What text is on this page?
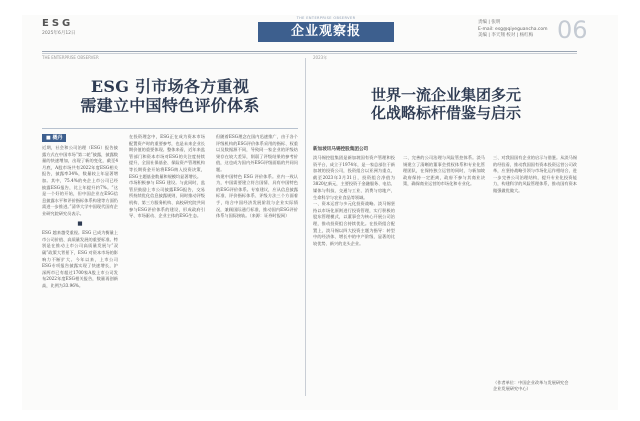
ESG
2025年6月12日
THE ENTERPRISE OBSERVER
企业观察报
责编 | 张明
E-mail: esg@qiyeguancha.com
美编 | 李天翔 校对 | 杨红梅 06
THE ENTERPRISE OBSERVER
ESG 引市场各方重视
需建立中国特色评价体系
■ 概丹
近期，社会和公司治理（ESG）报告披露方式在中国市场“第二轮”披露，披露数量的快速增加，出现了新的变化，截至4月底，A股市场共有2022年度ESG相关报告，披露率34%，数量较上年显著增加。其中，75.4%的央企上市公司已经披露ESG报告，比上年提升约7%。“这是一个好的开始，但中国企业在ESG信息披露水平和评价指标体系构建等方面仍需进一步推进。”清华大学中国现代国有企业研究院研究员表示。

■
ESG 越来越受重视。ESG 已成为衡量上市公司价值、高质量发展的重要标准。特别是在推动上市公司高质量发展与“双碳”政策大背景下，ESG 对资本市场的影响力不断扩大。今年以来，上市公司ESG专项报告披露实现了快速增长，沪深两市已有超过1700家A股上市公司发布2022年度ESG相关报告，数量再创新高，比例为33.96%。
在投资理念中，ESG正在成为资本市场配置资产时的重要参考，也是未来企业长期价值的重要体现。整体来看，近年来监管部门和资本市场对ESG的关注度持续提升，全国社保基金、保险资产管理机构等长期资金开始将ESG纳入投资决策，ESG主题基金数量和规模均显著增长。
市场积极参与 ESG 建设。与此同时，监管层鼓励上市公司披露ESG报告，交易所持续优化信息披露规则，同时推动评级机构、第三方服务机构、高校研究院共同参与ESG评价体系的建设，形成政府引导、市场驱动、企业主体的ESG生态。
但随着ESG理念在国内迅速推广，由于各个评级机构的ESG评价体系采用的指标、权重以及数据源不同，导致同一家企业的评级结果存在较大差异，削弱了评级结果的参考价值，这也成为国内外ESG评级面临的共同问题。
构建中国特色 ESG 评价体系。业内一致认为，中国需要建立符合国情、具有中国特色的ESG评价体系。专家建议，应从信息披露标准、评价指标体系、评级方法三个方面着手，结合中国经济发展阶段与企业实际情况，兼顾国际通行标准，推动国内ESG评价体系与国际接轨。（来源：证券时报网）
2023年
世界一流企业集团多元
化战略标杆借鉴与启示
新加坡讯马锡控股集团公司
淡马锡控股集团是新加坡国有资产管理和投资平台，成立于1974年，是一家总部位于新加坡的投资公司，投资组合以亚洲为重点，截至2023年3月31日，投资组合净值为3820亿新元，主要投资于金融服务、电信、媒体与科技、交通与工业、消费与房地产、生命科学与农业食品等领域。
一、资本运营与多元化投资战略。淡马锡坚持以市场化原则进行投资管理，实行积极的股东管理模式，以董事会为核心开展公司治理，推动投资组合持续优化。在投资组合配置上，淡马锡以四大投资主题为指导：转型中的经济体、增长中的中产阶级、显著的比较优势、新兴的龙头企业。
二、完善的公司治理与风险管控体系。淡马锡建立了清晰的董事会授权体系和专业化管理团队，在保持独立运营的同时，与新加坡政府保持一定距离，政府不参与其商业决策，确保商业运营的市场化和专业化。
三、对我国国有企业的启示与借鉴。从淡马锡的经验看，推动我国国有资本投资运营公司改革，应坚持战略引领与市场化运作相结合，进一步完善公司治理结构，提升专业化投资能力，构建科学的风险管理体系，推动国有资本做强做优做大。
（作者单位：中国企业改革与发展研究会
企业发展研究中心）
